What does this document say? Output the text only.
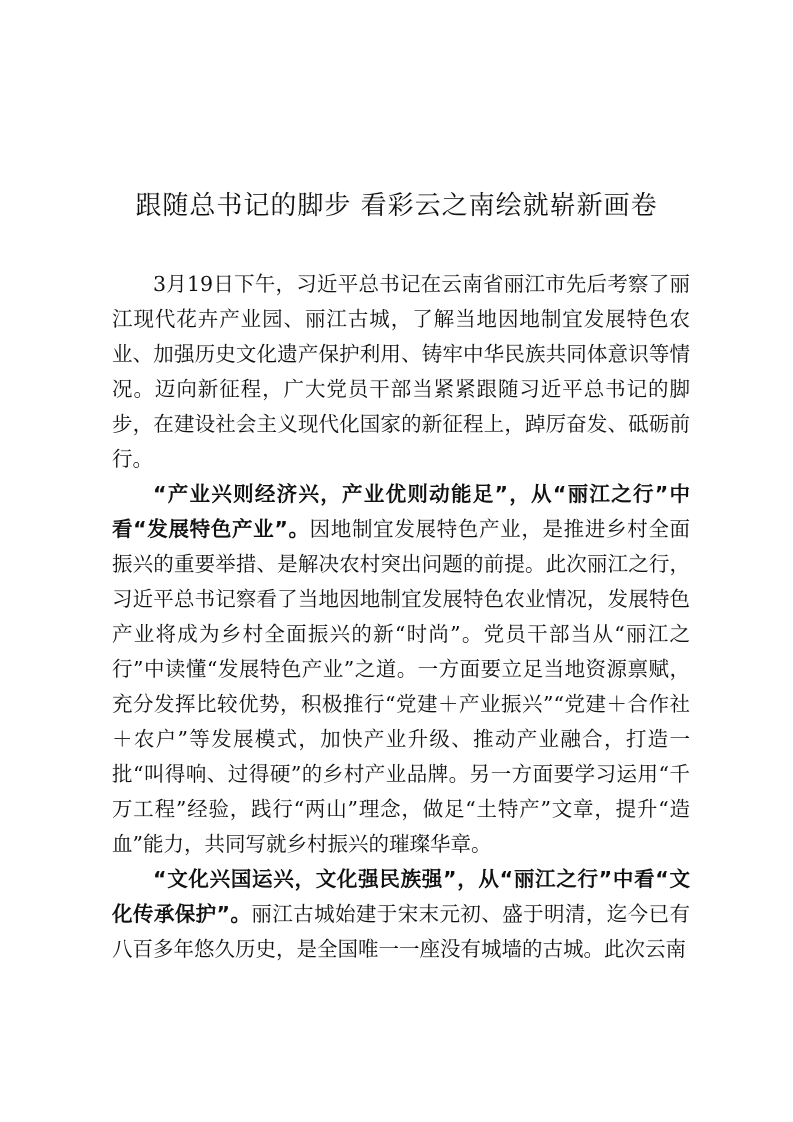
跟随总书记的脚步 看彩云之南绘就崭新画卷

3月19日下午，习近平总书记在云南省丽江市先后考察了丽江现代花卉产业园、丽江古城，了解当地因地制宜发展特色农业、加强历史文化遗产保护利用、铸牢中华民族共同体意识等情况。迈向新征程，广大党员干部当紧紧跟随习近平总书记的脚步，在建设社会主义现代化国家的新征程上，踔厉奋发、砥砺前行。

“产业兴则经济兴，产业优则动能足”，从“丽江之行”中看“发展特色产业”。因地制宜发展特色产业，是推进乡村全面振兴的重要举措、是解决农村突出问题的前提。此次丽江之行，习近平总书记察看了当地因地制宜发展特色农业情况，发展特色产业将成为乡村全面振兴的新“时尚”。党员干部当从“丽江之行”中读懂“发展特色产业”之道。一方面要立足当地资源禀赋，充分发挥比较优势，积极推行“党建＋产业振兴”“党建＋合作社＋农户”等发展模式，加快产业升级、推动产业融合，打造一批“叫得响、过得硬”的乡村产业品牌。另一方面要学习运用“千万工程”经验，践行“两山”理念，做足“土特产”文章，提升“造血”能力，共同写就乡村振兴的璀璨华章。

“文化兴国运兴，文化强民族强”，从“丽江之行”中看“文化传承保护”。丽江古城始建于宋末元初、盛于明清，迄今已有八百多年悠久历史，是全国唯一一座没有城墙的古城。此次云南
